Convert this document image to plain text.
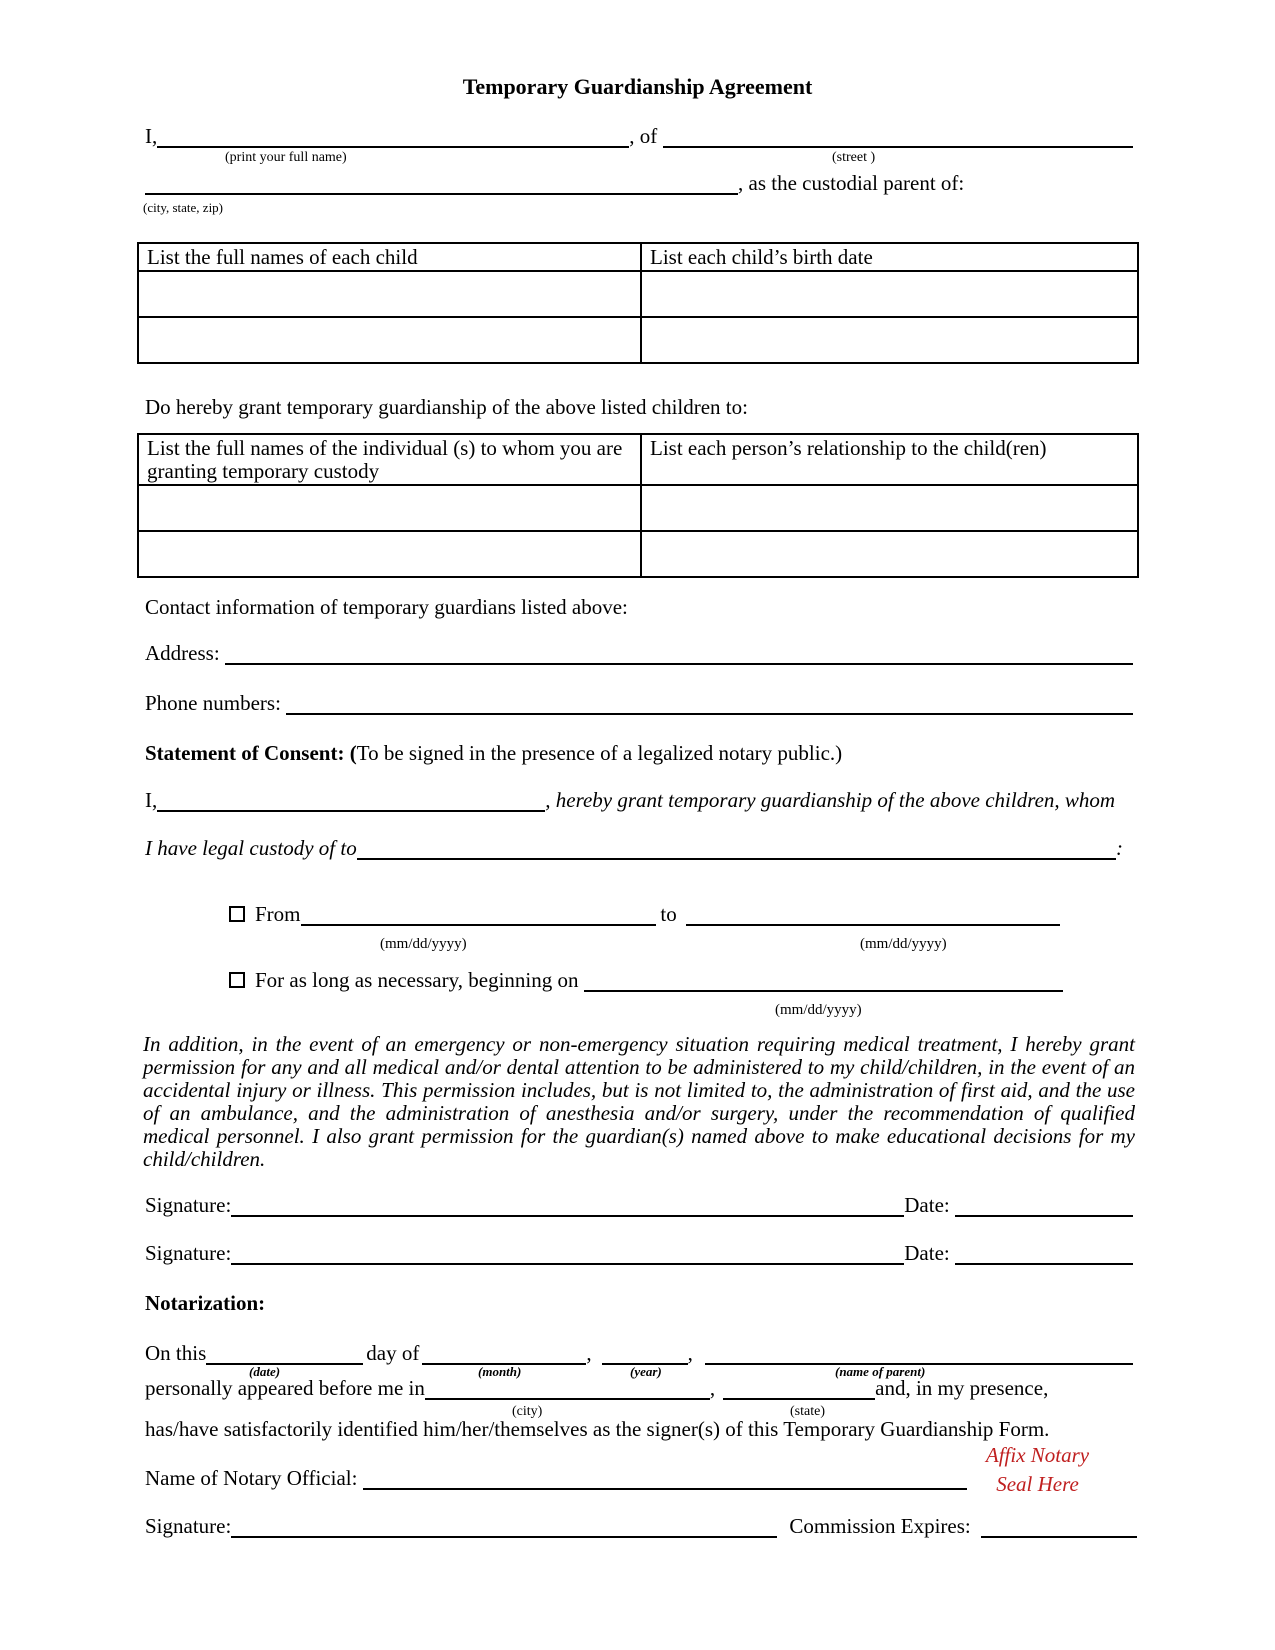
Temporary Guardianship Agreement
I,	, of
(print your full name)	(street )
, as the custodial parent of:
(city, state, zip)
List the full names of each child	List each child’s birth date

Do hereby grant temporary guardianship of the above listed children to:
List the full names of the individual (s) to whom you are granting temporary custody	List each person’s relationship to the child(ren)

Contact information of temporary guardians listed above:
Address:
Phone numbers:
Statement of Consent: (To be signed in the presence of a legalized notary public.)
I,	, hereby grant temporary guardianship of the above children, whom
I have legal custody of to	:
From	to
(mm/dd/yyyy)	(mm/dd/yyyy)
For as long as necessary, beginning on
(mm/dd/yyyy)
In addition, in the event of an emergency or non-emergency situation requiring medical treatment, I hereby grant permission for any and all medical and/or dental attention to be administered to my child/children, in the event of an accidental injury or illness. This permission includes, but is not limited to, the administration of first aid, and the use of an ambulance, and the administration of anesthesia and/or surgery, under the recommendation of qualified medical personnel. I also grant permission for the guardian(s) named above to make educational decisions for my child/children.
Signature:	Date:
Signature:	Date:
Notarization:
On this	day of	,	,
(date)	(month)	(year)	(name of parent)
personally appeared before me in	,	and, in my presence,
(city)	(state)
has/have satisfactorily identified him/her/themselves as the signer(s) of this Temporary Guardianship Form.
Affix Notary
Seal Here
Name of Notary Official:
Signature:	Commission Expires:
